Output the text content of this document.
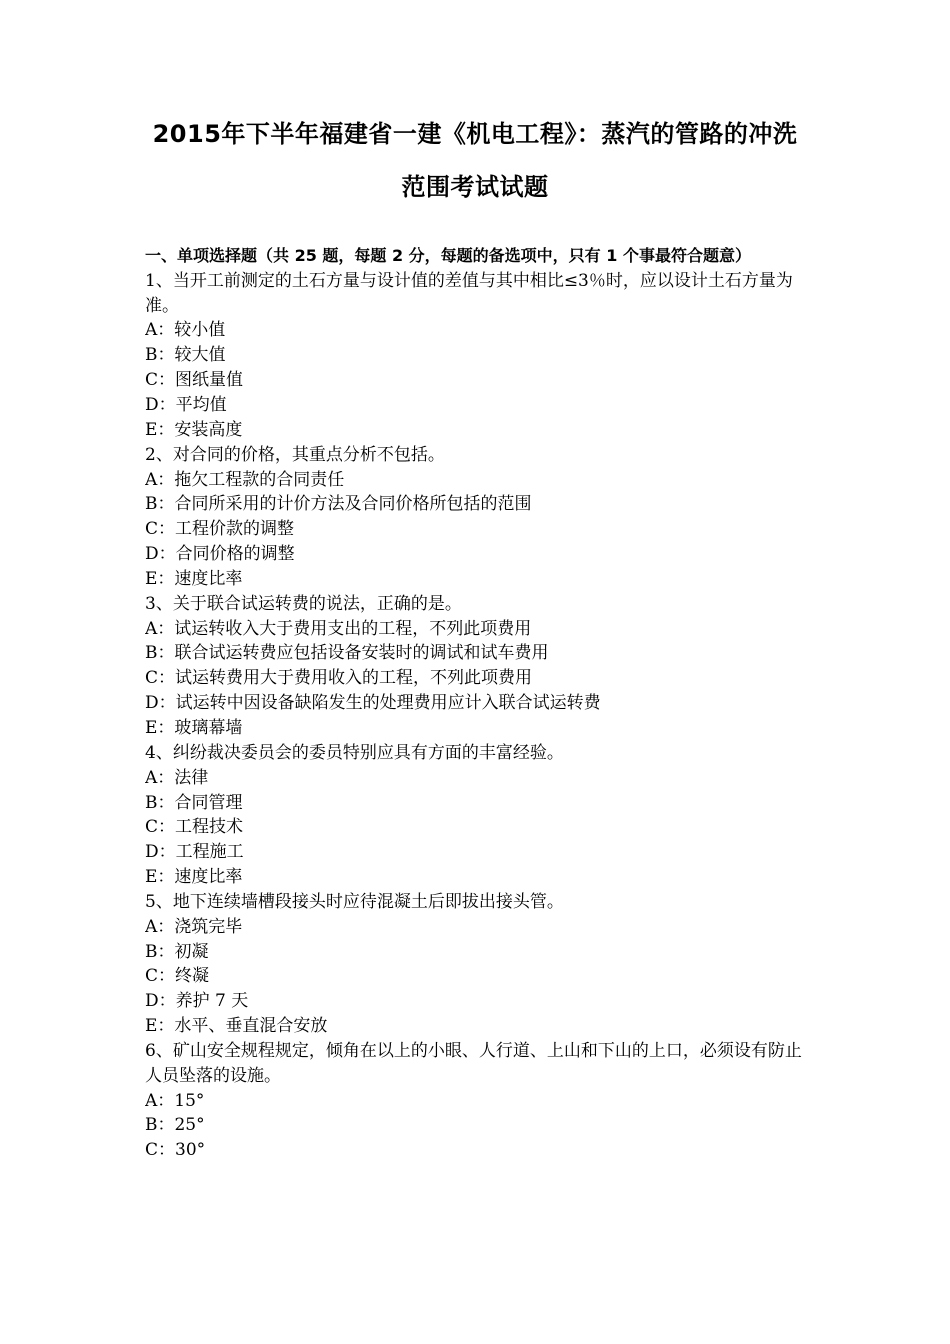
2015年下半年福建省一建《机电工程》：蒸汽的管路的冲洗
范围考试试题
一、单项选择题（共 25 题，每题 2 分，每题的备选项中，只有 1 个事最符合题意）
1、当开工前测定的土石方量与设计值的差值与其中相比≤3％时，应以设计土石方量为准。
A：较小值
B：较大值
C：图纸量值
D：平均值
E：安装高度
2、对合同的价格，其重点分析不包括。
A：拖欠工程款的合同责任
B：合同所采用的计价方法及合同价格所包括的范围
C：工程价款的调整
D：合同价格的调整
E：速度比率
3、关于联合试运转费的说法，正确的是。
A：试运转收入大于费用支出的工程，不列此项费用
B：联合试运转费应包括设备安装时的调试和试车费用
C：试运转费用大于费用收入的工程，不列此项费用
D：试运转中因设备缺陷发生的处理费用应计入联合试运转费
E：玻璃幕墙
4、纠纷裁决委员会的委员特别应具有方面的丰富经验。
A：法律
B：合同管理
C：工程技术
D：工程施工
E：速度比率
5、地下连续墙槽段接头时应待混凝土后即拔出接头管。
A：浇筑完毕
B：初凝
C：终凝
D：养护 7 天
E：水平、垂直混合安放
6、矿山安全规程规定，倾角在以上的小眼、人行道、上山和下山的上口，必须设有防止人员坠落的设施。
A：15°
B：25°
C：30°
